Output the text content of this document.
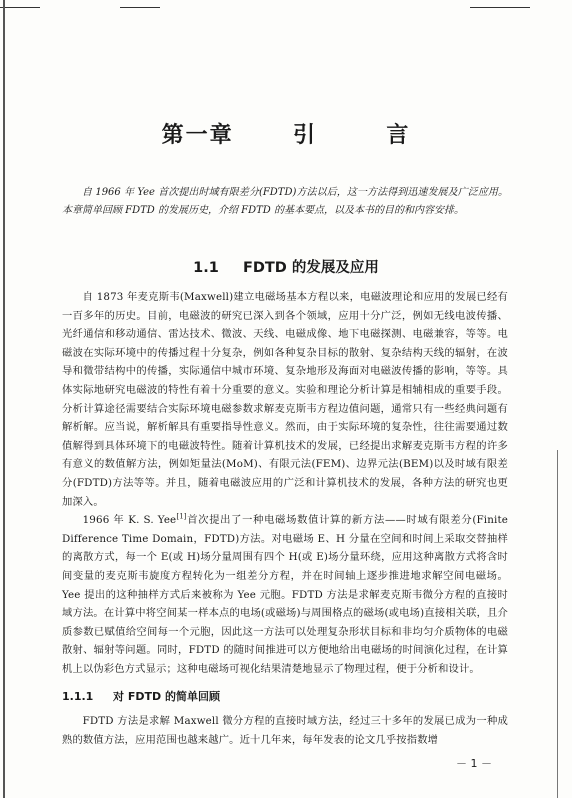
第一章	引	言

自 1966 年 Yee 首次提出时域有限差分(FDTD)方法以后，这一方法得到迅速发展及广泛应用。本章简单回顾 FDTD 的发展历史，介绍 FDTD 的基本要点，以及本书的目的和内容安排。

1.1 FDTD 的发展及应用

自 1873 年麦克斯韦(Maxwell)建立电磁场基本方程以来，电磁波理论和应用的发展已经有一百多年的历史。目前，电磁波的研究已深入到各个领域，应用十分广泛，例如无线电波传播、光纤通信和移动通信、雷达技术、微波、天线、电磁成像、地下电磁探测、电磁兼容，等等。电磁波在实际环境中的传播过程十分复杂，例如各种复杂目标的散射、复杂结构天线的辐射，在波导和微带结构中的传播，实际通信中城市环境、复杂地形及海面对电磁波传播的影响，等等。具体实际地研究电磁波的特性有着十分重要的意义。实验和理论分析计算是相辅相成的重要手段。分析计算途径需要结合实际环境电磁参数求解麦克斯韦方程边值问题，通常只有一些经典问题有解析解。应当说，解析解具有重要指导性意义。然而，由于实际环境的复杂性，往往需要通过数值解得到具体环境下的电磁波特性。随着计算机技术的发展，已经提出求解麦克斯韦方程的许多有意义的数值解方法，例如矩量法(MoM)、有限元法(FEM)、边界元法(BEM)以及时域有限差分(FDTD)方法等等。并且，随着电磁波应用的广泛和计算机技术的发展，各种方法的研究也更加深入。

1966 年 K. S. Yee[1]首次提出了一种电磁场数值计算的新方法——时域有限差分(Finite Difference Time Domain，FDTD)方法。对电磁场 E、H 分量在空间和时间上采取交替抽样的离散方式，每一个 E(或 H)场分量周围有四个 H(或 E)场分量环绕，应用这种离散方式将含时间变量的麦克斯韦旋度方程转化为一组差分方程，并在时间轴上逐步推进地求解空间电磁场。Yee 提出的这种抽样方式后来被称为 Yee 元胞。FDTD 方法是求解麦克斯韦微分方程的直接时域方法。在计算中将空间某一样本点的电场(或磁场)与周围格点的磁场(或电场)直接相关联，且介质参数已赋值给空间每一个元胞，因此这一方法可以处理复杂形状目标和非均匀介质物体的电磁散射、辐射等问题。同时，FDTD 的随时间推进可以方便地给出电磁场的时间演化过程，在计算机上以伪彩色方式显示；这种电磁场可视化结果清楚地显示了物理过程，便于分析和设计。

1.1.1 对 FDTD 的简单回顾

FDTD 方法是求解 Maxwell 微分方程的直接时域方法，经过三十多年的发展已成为一种成熟的数值方法，应用范围也越来越广。近十几年来，每年发表的论文几乎按指数增

－ 1 －
